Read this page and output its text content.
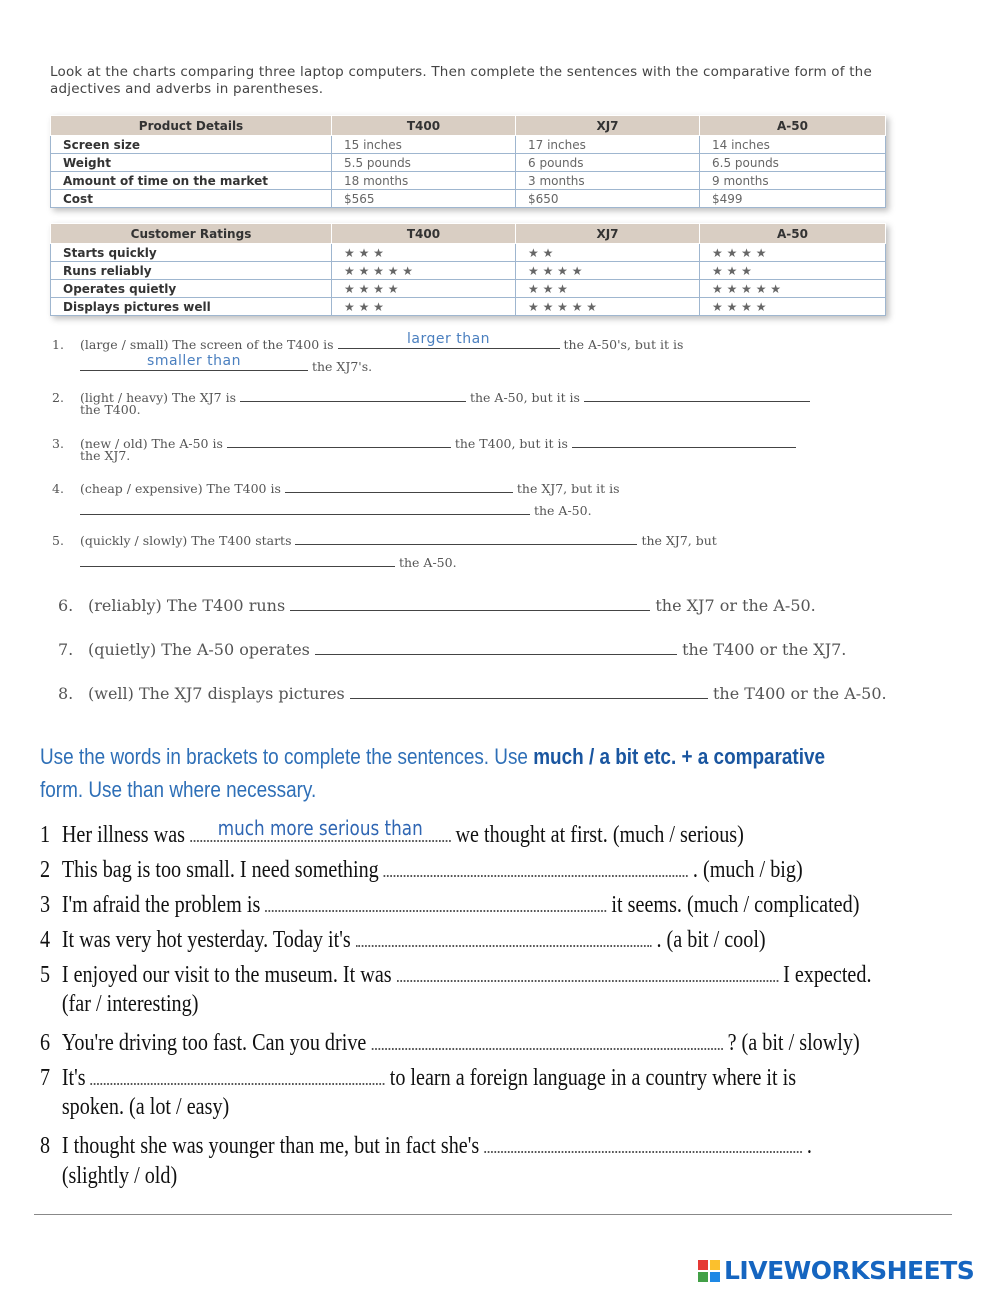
Look at the charts comparing three laptop computers. Then complete the sentences with the comparative form of the adjectives and adverbs in parentheses.
Product Details	T400	XJ7	A-50
Screen size	15 inches	17 inches	14 inches
Weight	5.5 pounds	6 pounds	6.5 pounds
Amount of time on the market	18 months	3 months	9 months
Cost	$565	$650	$499
Customer Ratings	T400	XJ7	A-50
Starts quickly	★ ★ ★	★ ★	★ ★ ★ ★
Runs reliably	★ ★ ★ ★ ★	★ ★ ★ ★	★ ★ ★
Operates quietly	★ ★ ★ ★	★ ★ ★	★ ★ ★ ★ ★
Displays pictures well	★ ★ ★	★ ★ ★ ★ ★	★ ★ ★ ★
1. (large / small) The screen of the T400 is	larger than	the A-50's, but it is
smaller than	the XJ7's.
2. (light / heavy) The XJ7 is	the A-50, but it is
the T400.
3. (new / old) The A-50 is	the T400, but it is
the XJ7.
4. (cheap / expensive) The T400 is	the XJ7, but it is
the A-50.
5. (quickly / slowly) The T400 starts	the XJ7, but
the A-50.
6. (reliably) The T400 runs	the XJ7 or the A-50.
7. (quietly) The A-50 operates	the T400 or the XJ7.
8. (well) The XJ7 displays pictures	the T400 or the A-50.
Use the words in brackets to complete the sentences. Use much / a bit etc. + a comparative
form. Use than where necessary.
1 Her illness was	much more serious than	we thought at first. (much / serious)
2 This bag is too small. I need something	. (much / big)
3 I'm afraid the problem is	it seems. (much / complicated)
4 It was very hot yesterday. Today it's	. (a bit / cool)
5 I enjoyed our visit to the museum. It was	I expected.
(far / interesting)
6 You're driving too fast. Can you drive	? (a bit / slowly)
7 It's	to learn a foreign language in a country where it is
spoken. (a lot / easy)
8 I thought she was younger than me, but in fact she's	.
(slightly / old)
LIVEWORKSHEETS
